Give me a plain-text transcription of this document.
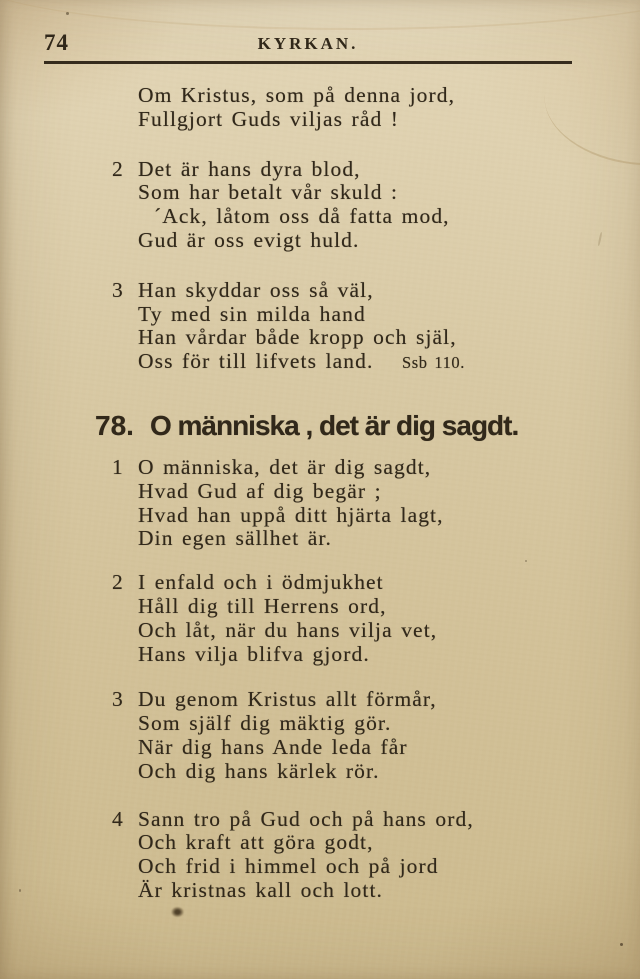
74	KYRKAN.
Om Kristus, som på denna jord,
Fullgjort Guds viljas råd !
2 Det är hans dyra blod,
Som har betalt vår skuld :
´Ack, låtom oss då fatta mod,
Gud är oss evigt huld.
3 Han skyddar oss så väl,
Ty med sin milda hand
Han vårdar både kropp och själ,
Oss för till lifvets land. Ssb 110.
78. O människa , det är dig sagdt.
1 O människa, det är dig sagdt,
Hvad Gud af dig begär ;
Hvad han uppå ditt hjärta lagt,
Din egen sällhet är.
2 I enfald och i ödmjukhet
Håll dig till Herrens ord,
Och låt, när du hans vilja vet,
Hans vilja blifva gjord.
3 Du genom Kristus allt förmår,
Som själf dig mäktig gör.
När dig hans Ande leda får
Och dig hans kärlek rör.
4 Sann tro på Gud och på hans ord,
Och kraft att göra godt,
Och frid i himmel och på jord
Är kristnas kall och lott.
